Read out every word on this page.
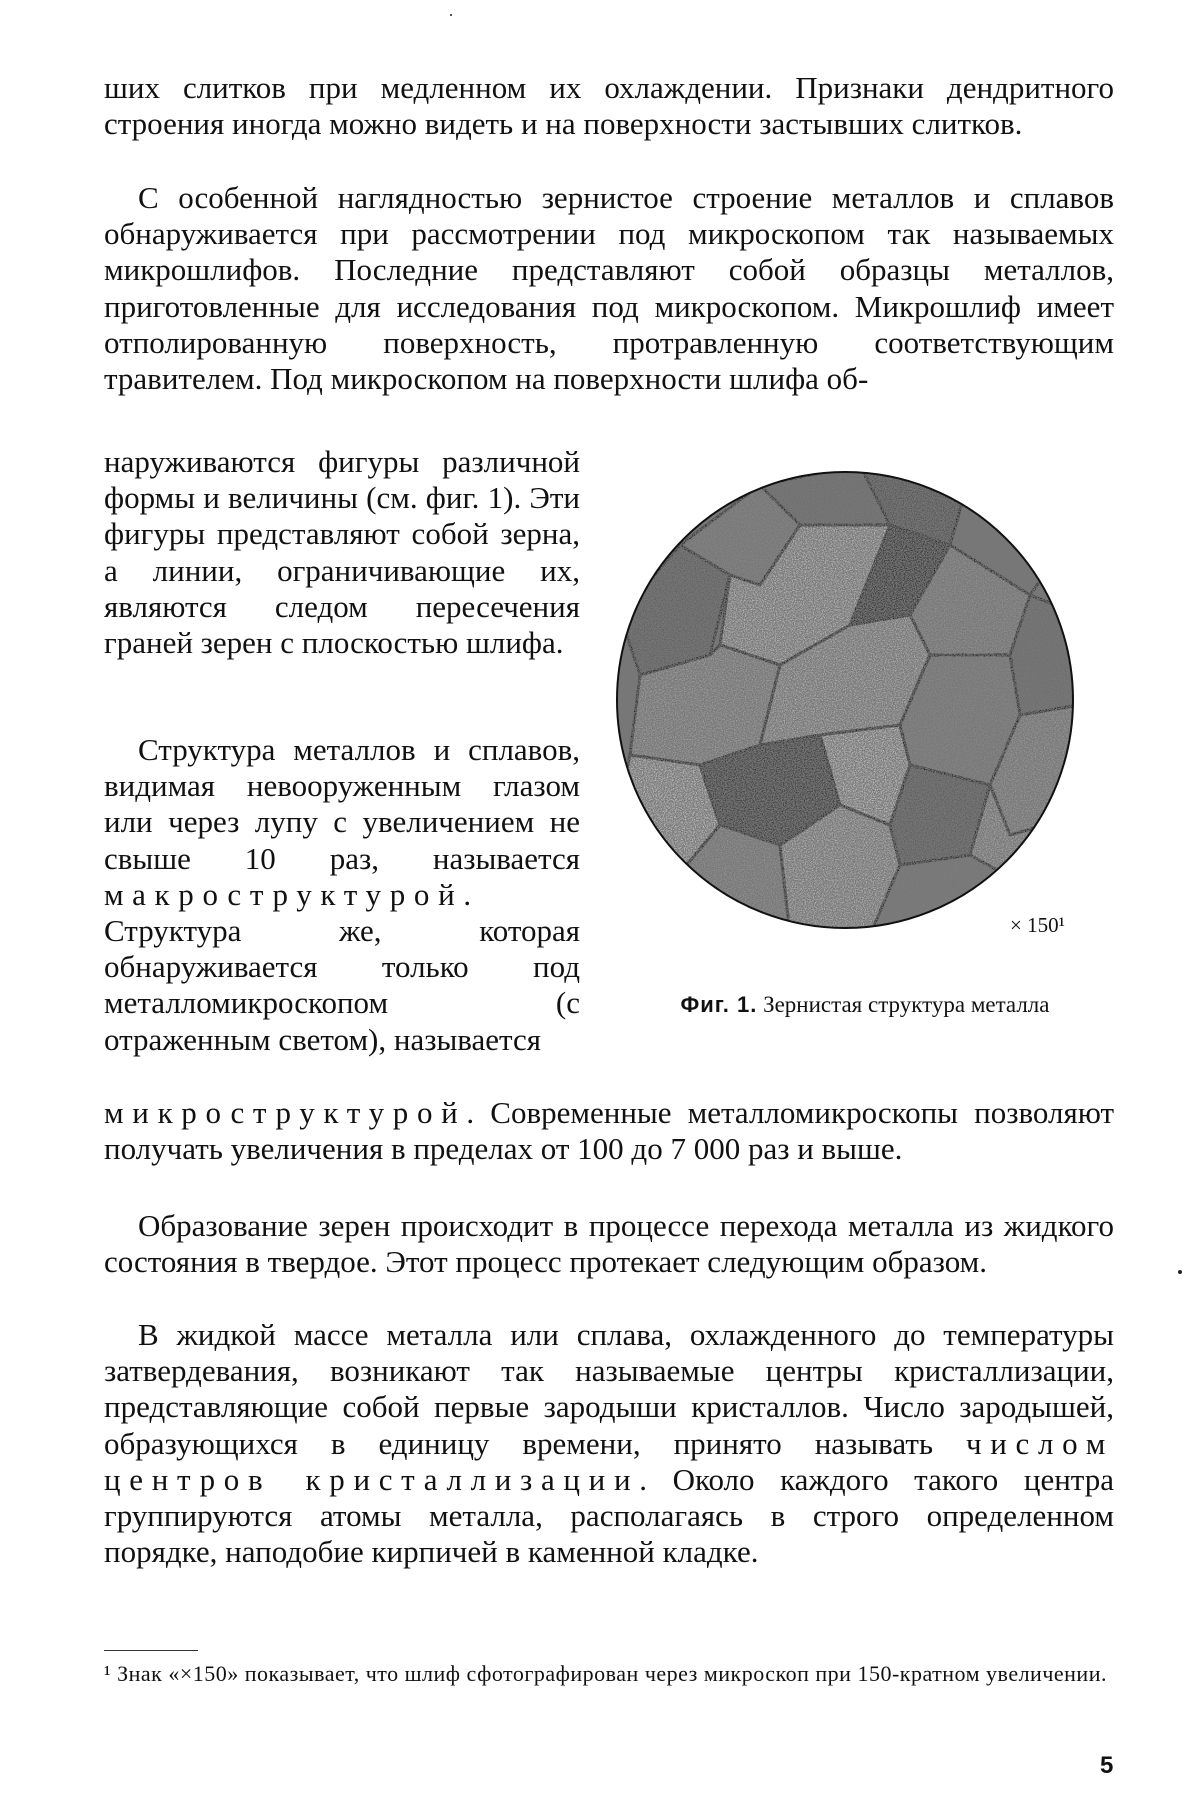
ших слитков при медленном их охлаждении. Признаки дендритного строения иногда можно видеть и на поверхности застывших слитков.

С особенной наглядностью зернистое строение металлов и сплавов обнаруживается при рассмотрении под микроскопом так называемых микрошлифов. Последние представляют собой образцы металлов, приготовленные для исследования под микроскопом. Микрошлиф имеет отполированную поверхность, протравленную соответствующим травителем. Под микроскопом на поверхности шлифа об-

наруживаются фигуры различной формы и величины (см. фиг. 1). Эти фигуры представляют собой зерна, а линии, ограничивающие их, являются следом пересечения граней зерен с плоскостью шлифа.

Структура металлов и сплавов, видимая невооруженным глазом или через лупу с увеличением не свыше 10 раз, называется макроструктурой. Структура же, которая обнаруживается только под металломикроскопом (с отраженным светом), называется

микроструктурой. Современные металломикроскопы позволяют получать увеличения в пределах от 100 до 7 000 раз и выше.

Образование зерен происходит в процессе перехода металла из жидкого состояния в твердое. Этот процесс протекает следующим образом.

В жидкой массе металла или сплава, охлажденного до температуры затвердевания, возникают так называемые центры кристаллизации, представляющие собой первые зародыши кристаллов. Число зародышей, образующихся в единицу времени, принято называть числом центров кристаллизации. Около каждого такого центра группируются атомы металла, располагаясь в строго определенном порядке, наподобие кирпичей в каменной кладке.

× 150¹
Фиг. 1. Зернистая структура металла

¹ Знак «×150» показывает, что шлиф сфотографирован через микроскоп при 150-кратном увеличении.

5
